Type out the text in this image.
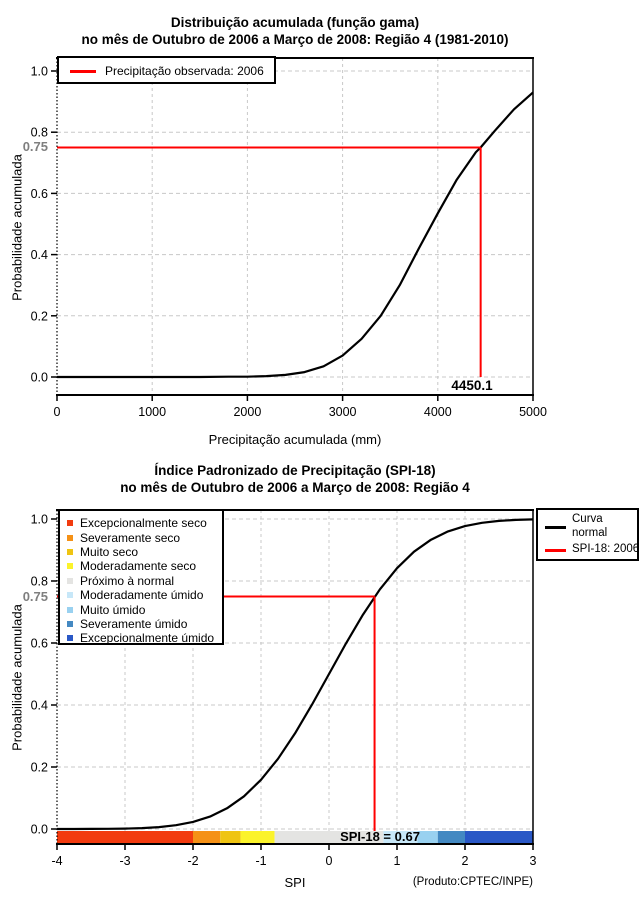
0.0
0.2
0.4
0.6
0.8
1.0
0	1000	2000	3000	4000	5000
0.0
0.2
0.4
0.6
0.8
1.0
-4	-3	-2	-1	0	1	2	3
Distribuição acumulada (função gama)
no mês de Outubro de 2006 a Março de 2008: Região 4 (1981-2010)
Probabilidade acumulada
Precipitação acumulada (mm)
0.75
4450.1
Precipitação observada: 2006
Índice Padronizado de Precipitação (SPI-18)
no mês de Outubro de 2006 a Março de 2008: Região 4
Probabilidade acumulada
SPI
0.75
SPI-18 = 0.67
(Produto:CPTEC/INPE)
Excepcionalmente seco
Severamente seco
Muito seco
Moderadamente seco
Próximo à normal
Moderadamente úmido
Muito úmido
Severamente úmido
Excepcionalmente úmido
Curva
normal
SPI-18: 2006
